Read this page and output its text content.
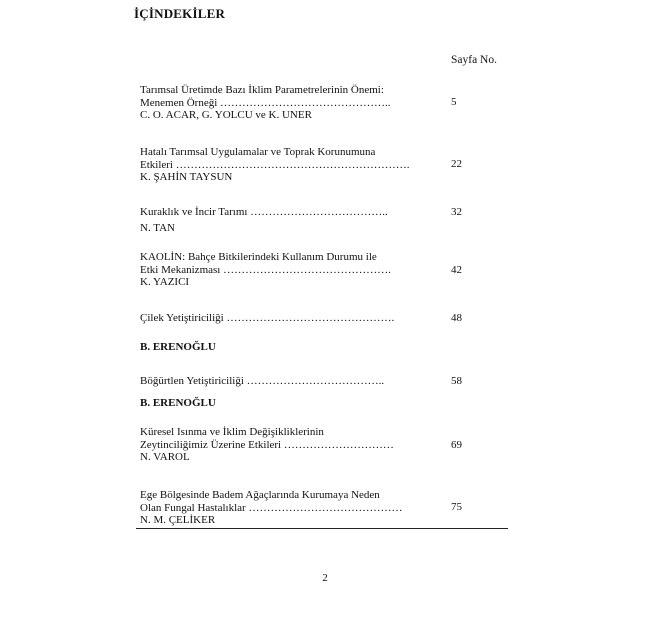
İÇİNDEKİLER
Sayfa No.
Tarımsal Üretimde Bazı İklim Parametrelerinin Önemi:
Menemen Örneği ………………………………………..	5
C. O. ACAR, G. YOLCU ve K. UNER
Hatalı Tarımsal Uygulamalar ve Toprak Korunumuna
Etkileri ……………………………………………………….	22
K. ŞAHİN TAYSUN
Kuraklık ve İncir Tarımı ………………………………..	32
N. TAN
KAOLİN: Bahçe Bitkilerindeki Kullanım Durumu ile
Etki Mekanizması ……………………………………….	42
K. YAZICI
Çilek Yetiştiriciliği ……………………………………….	48
B. ERENOĞLU
Böğürtlen Yetiştiriciliği ………………………………..	58
B. ERENOĞLU
Küresel Isınma ve İklim Değişikliklerinin
Zeytinciliğimiz Üzerine Etkileri …………………………	69
N. VAROL
Ege Bölgesinde Badem Ağaçlarında Kurumaya Neden
Olan Fungal Hastalıklar ……………………………………	75
N. M. ÇELİKER
2
